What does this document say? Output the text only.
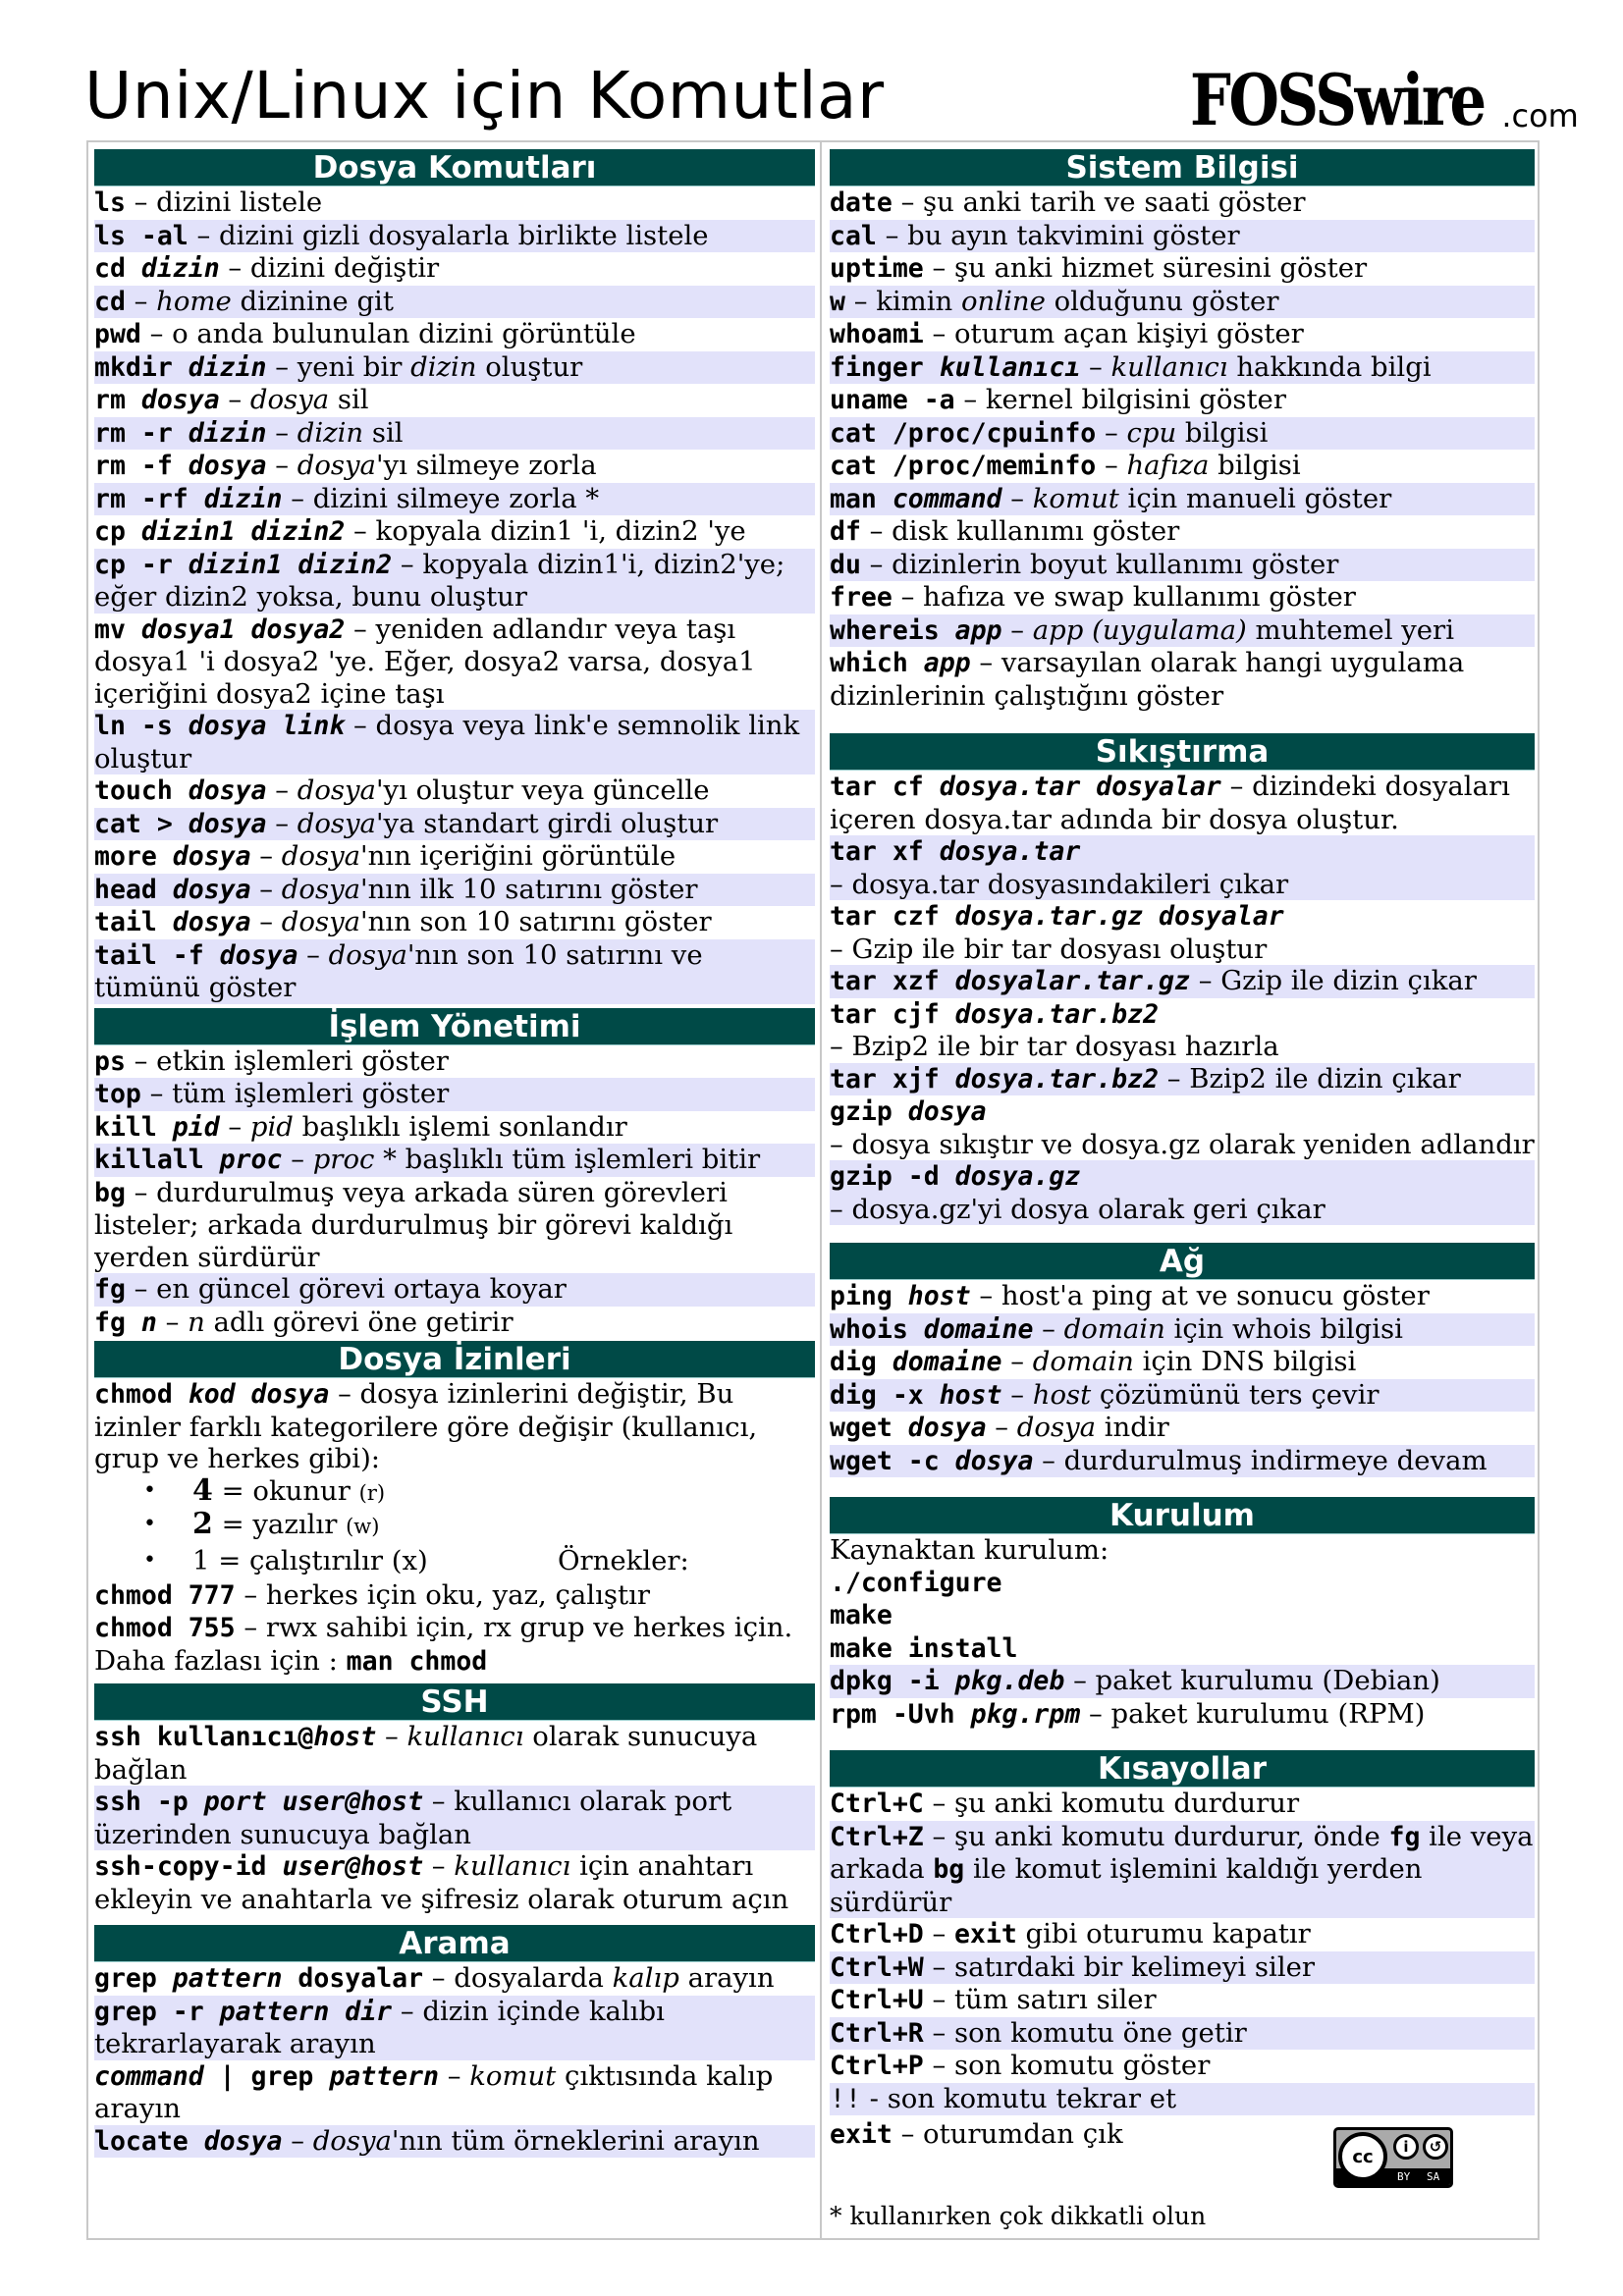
Unix/Linux için Komutlar	FOSSwire .com
Dosya Komutları
ls – dizini listele
ls -al – dizini gizli dosyalarla birlikte listele
cd dizin – dizini değiştir
cd – home dizinine git
pwd – o anda bulunulan dizini görüntüle
mkdir dizin – yeni bir dizin oluştur
rm dosya – dosya sil
rm -r dizin – dizin sil
rm -f dosya – dosya'yı silmeye zorla
rm -rf dizin – dizini silmeye zorla *
cp dizin1 dizin2 – kopyala dizin1 'i, dizin2 'ye
cp -r dizin1 dizin2 – kopyala dizin1'i, dizin2'ye; eğer dizin2 yoksa, bunu oluştur
mv dosya1 dosya2 – yeniden adlandır veya taşı dosya1 'i dosya2 'ye. Eğer, dosya2 varsa, dosya1 içeriğini dosya2 içine taşı
ln -s dosya link – dosya veya link'e semnolik link oluştur
touch dosya – dosya'yı oluştur veya güncelle
cat > dosya – dosya'ya standart girdi oluştur
more dosya – dosya'nın içeriğini görüntüle
head dosya – dosya'nın ilk 10 satırını göster
tail dosya – dosya'nın son 10 satırını göster
tail -f dosya – dosya'nın son 10 satırını ve tümünü göster
İşlem Yönetimi
ps – etkin işlemleri göster
top – tüm işlemleri göster
kill pid – pid başlıklı işlemi sonlandır
killall proc – proc * başlıklı tüm işlemleri bitir
bg – durdurulmuş veya arkada süren görevleri listeler; arkada durdurulmuş bir görevi kaldığı yerden sürdürür
fg – en güncel görevi ortaya koyar
fg n – n adlı görevi öne getirir
Dosya İzinleri
chmod kod dosya – dosya izinlerini değiştir, Bu izinler farklı kategorilere göre değişir (kullanıcı, grup ve herkes gibi):
• 4 = okunur (r)
• 2 = yazılır (w)
• 1 = çalıştırılır (x)	Örnekler:
chmod 777 – herkes için oku, yaz, çalıştır
chmod 755 – rwx sahibi için, rx grup ve herkes için.
Daha fazlası için : man chmod
SSH
ssh kullanıcı@host – kullanıcı olarak sunucuya bağlan
ssh -p port user@host – kullanıcı olarak port üzerinden sunucuya bağlan
ssh-copy-id user@host – kullanıcı için anahtarı ekleyin ve anahtarla ve şifresiz olarak oturum açın
Arama
grep pattern dosyalar – dosyalarda kalıp arayın
grep -r pattern dir – dizin içinde kalıbı tekrarlayarak arayın
command | grep pattern – komut çıktısında kalıp arayın
locate dosya – dosya'nın tüm örneklerini arayın
Sistem Bilgisi
date – şu anki tarih ve saati göster
cal – bu ayın takvimini göster
uptime – şu anki hizmet süresini göster
w – kimin online olduğunu göster
whoami – oturum açan kişiyi göster
finger kullanıcı – kullanıcı hakkında bilgi
uname -a – kernel bilgisini göster
cat /proc/cpuinfo – cpu bilgisi
cat /proc/meminfo – hafıza bilgisi
man command – komut için manueli göster
df – disk kullanımı göster
du – dizinlerin boyut kullanımı göster
free – hafıza ve swap kullanımı göster
whereis app – app (uygulama) muhtemel yeri
which app – varsayılan olarak hangi uygulama dizinlerinin çalıştığını göster
Sıkıştırma
tar cf dosya.tar dosyalar – dizindeki dosyaları içeren dosya.tar adında bir dosya oluştur.
tar xf dosya.tar
– dosya.tar dosyasındakileri çıkar
tar czf dosya.tar.gz dosyalar
– Gzip ile bir tar dosyası oluştur
tar xzf dosyalar.tar.gz – Gzip ile dizin çıkar
tar cjf dosya.tar.bz2
– Bzip2 ile bir tar dosyası hazırla
tar xjf dosya.tar.bz2 – Bzip2 ile dizin çıkar
gzip dosya
– dosya sıkıştır ve dosya.gz olarak yeniden adlandır
gzip -d dosya.gz
– dosya.gz'yi dosya olarak geri çıkar
Ağ
ping host – host'a ping at ve sonucu göster
whois domaine – domain için whois bilgisi
dig domaine – domain için DNS bilgisi
dig -x host – host çözümünü ters çevir
wget dosya – dosya indir
wget -c dosya – durdurulmuş indirmeye devam
Kurulum
Kaynaktan kurulum:
./configure
make
make install
dpkg -i pkg.deb – paket kurulumu (Debian)
rpm -Uvh pkg.rpm – paket kurulumu (RPM)
Kısayollar
Ctrl+C – şu anki komutu durdurur
Ctrl+Z – şu anki komutu durdurur, önde fg ile veya arkada bg ile komut işlemini kaldığı yerden sürdürür
Ctrl+D – exit gibi oturumu kapatır
Ctrl+W – satırdaki bir kelimeyi siler
Ctrl+U – tüm satırı siler
Ctrl+R – son komutu öne getir
Ctrl+P – son komutu göster
!! - son komutu tekrar et
exit – oturumdan çık
cc	i	↺
BY SA
* kullanırken çok dikkatli olun
